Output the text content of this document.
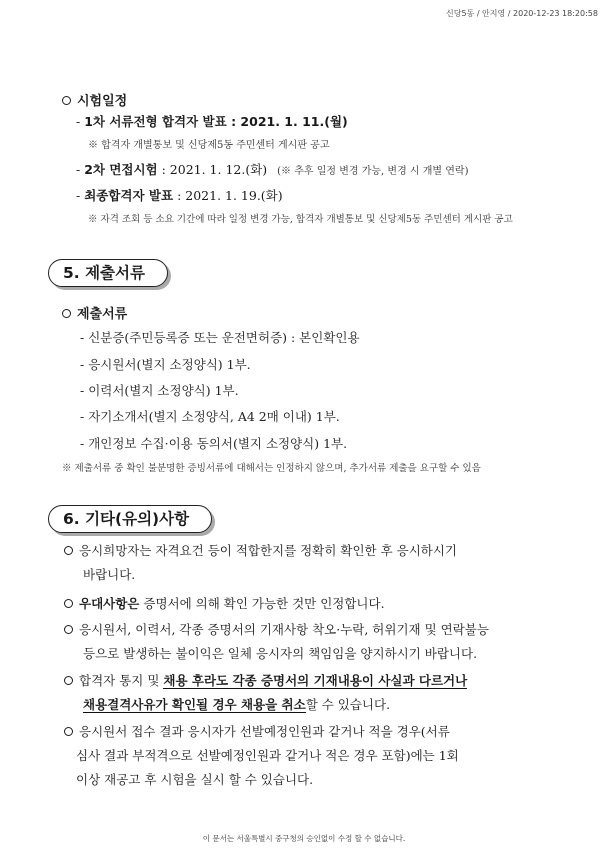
신당5동 / 안지영 / 2020-12-23 18:20:58
시험일정
- 1차 서류전형 합격자 발표 : 2021. 1. 11.(월)
※ 합격자 개별통보 및 신당제5동 주민센터 게시판 공고
- 2차 면접시험 : 2021. 1. 12.(화) (※ 추후 일정 변경 가능, 변경 시 개별 연락)
- 최종합격자 발표 : 2021. 1. 19.(화)
※ 자격 조회 등 소요 기간에 따라 일정 변경 가능, 합격자 개별통보 및 신당제5동 주민센터 게시판 공고
5. 제출서류
제출서류
- 신분증(주민등록증 또는 운전면허증) : 본인확인용
- 응시원서(별지 소정양식) 1부.
- 이력서(별지 소정양식) 1부.
- 자기소개서(별지 소정양식, A4 2매 이내) 1부.
- 개인정보 수집·이용 동의서(별지 소정양식) 1부.
※ 제출서류 중 확인 불분명한 증빙서류에 대해서는 인정하지 않으며, 추가서류 제출을 요구할 수 있음
6. 기타(유의)사항
응시희망자는 자격요건 등이 적합한지를 정확히 확인한 후 응시하시기
바랍니다.
우대사항은 증명서에 의해 확인 가능한 것만 인정합니다.
응시원서, 이력서, 각종 증명서의 기재사항 착오·누락, 허위기재 및 연락불능
등으로 발생하는 불이익은 일체 응시자의 책임임을 양지하시기 바랍니다.
합격자 통지 및 채용 후라도 각종 증명서의 기재내용이 사실과 다르거나
채용결격사유가 확인될 경우 채용을 취소할 수 있습니다.
응시원서 접수 결과 응시자가 선발예정인원과 같거나 적을 경우(서류
심사 결과 부적격으로 선발예정인원과 같거나 적은 경우 포함)에는 1회
이상 재공고 후 시험을 실시 할 수 있습니다.
이 문서는 서울특별시 중구청의 승인없이 수정 할 수 없습니다.
